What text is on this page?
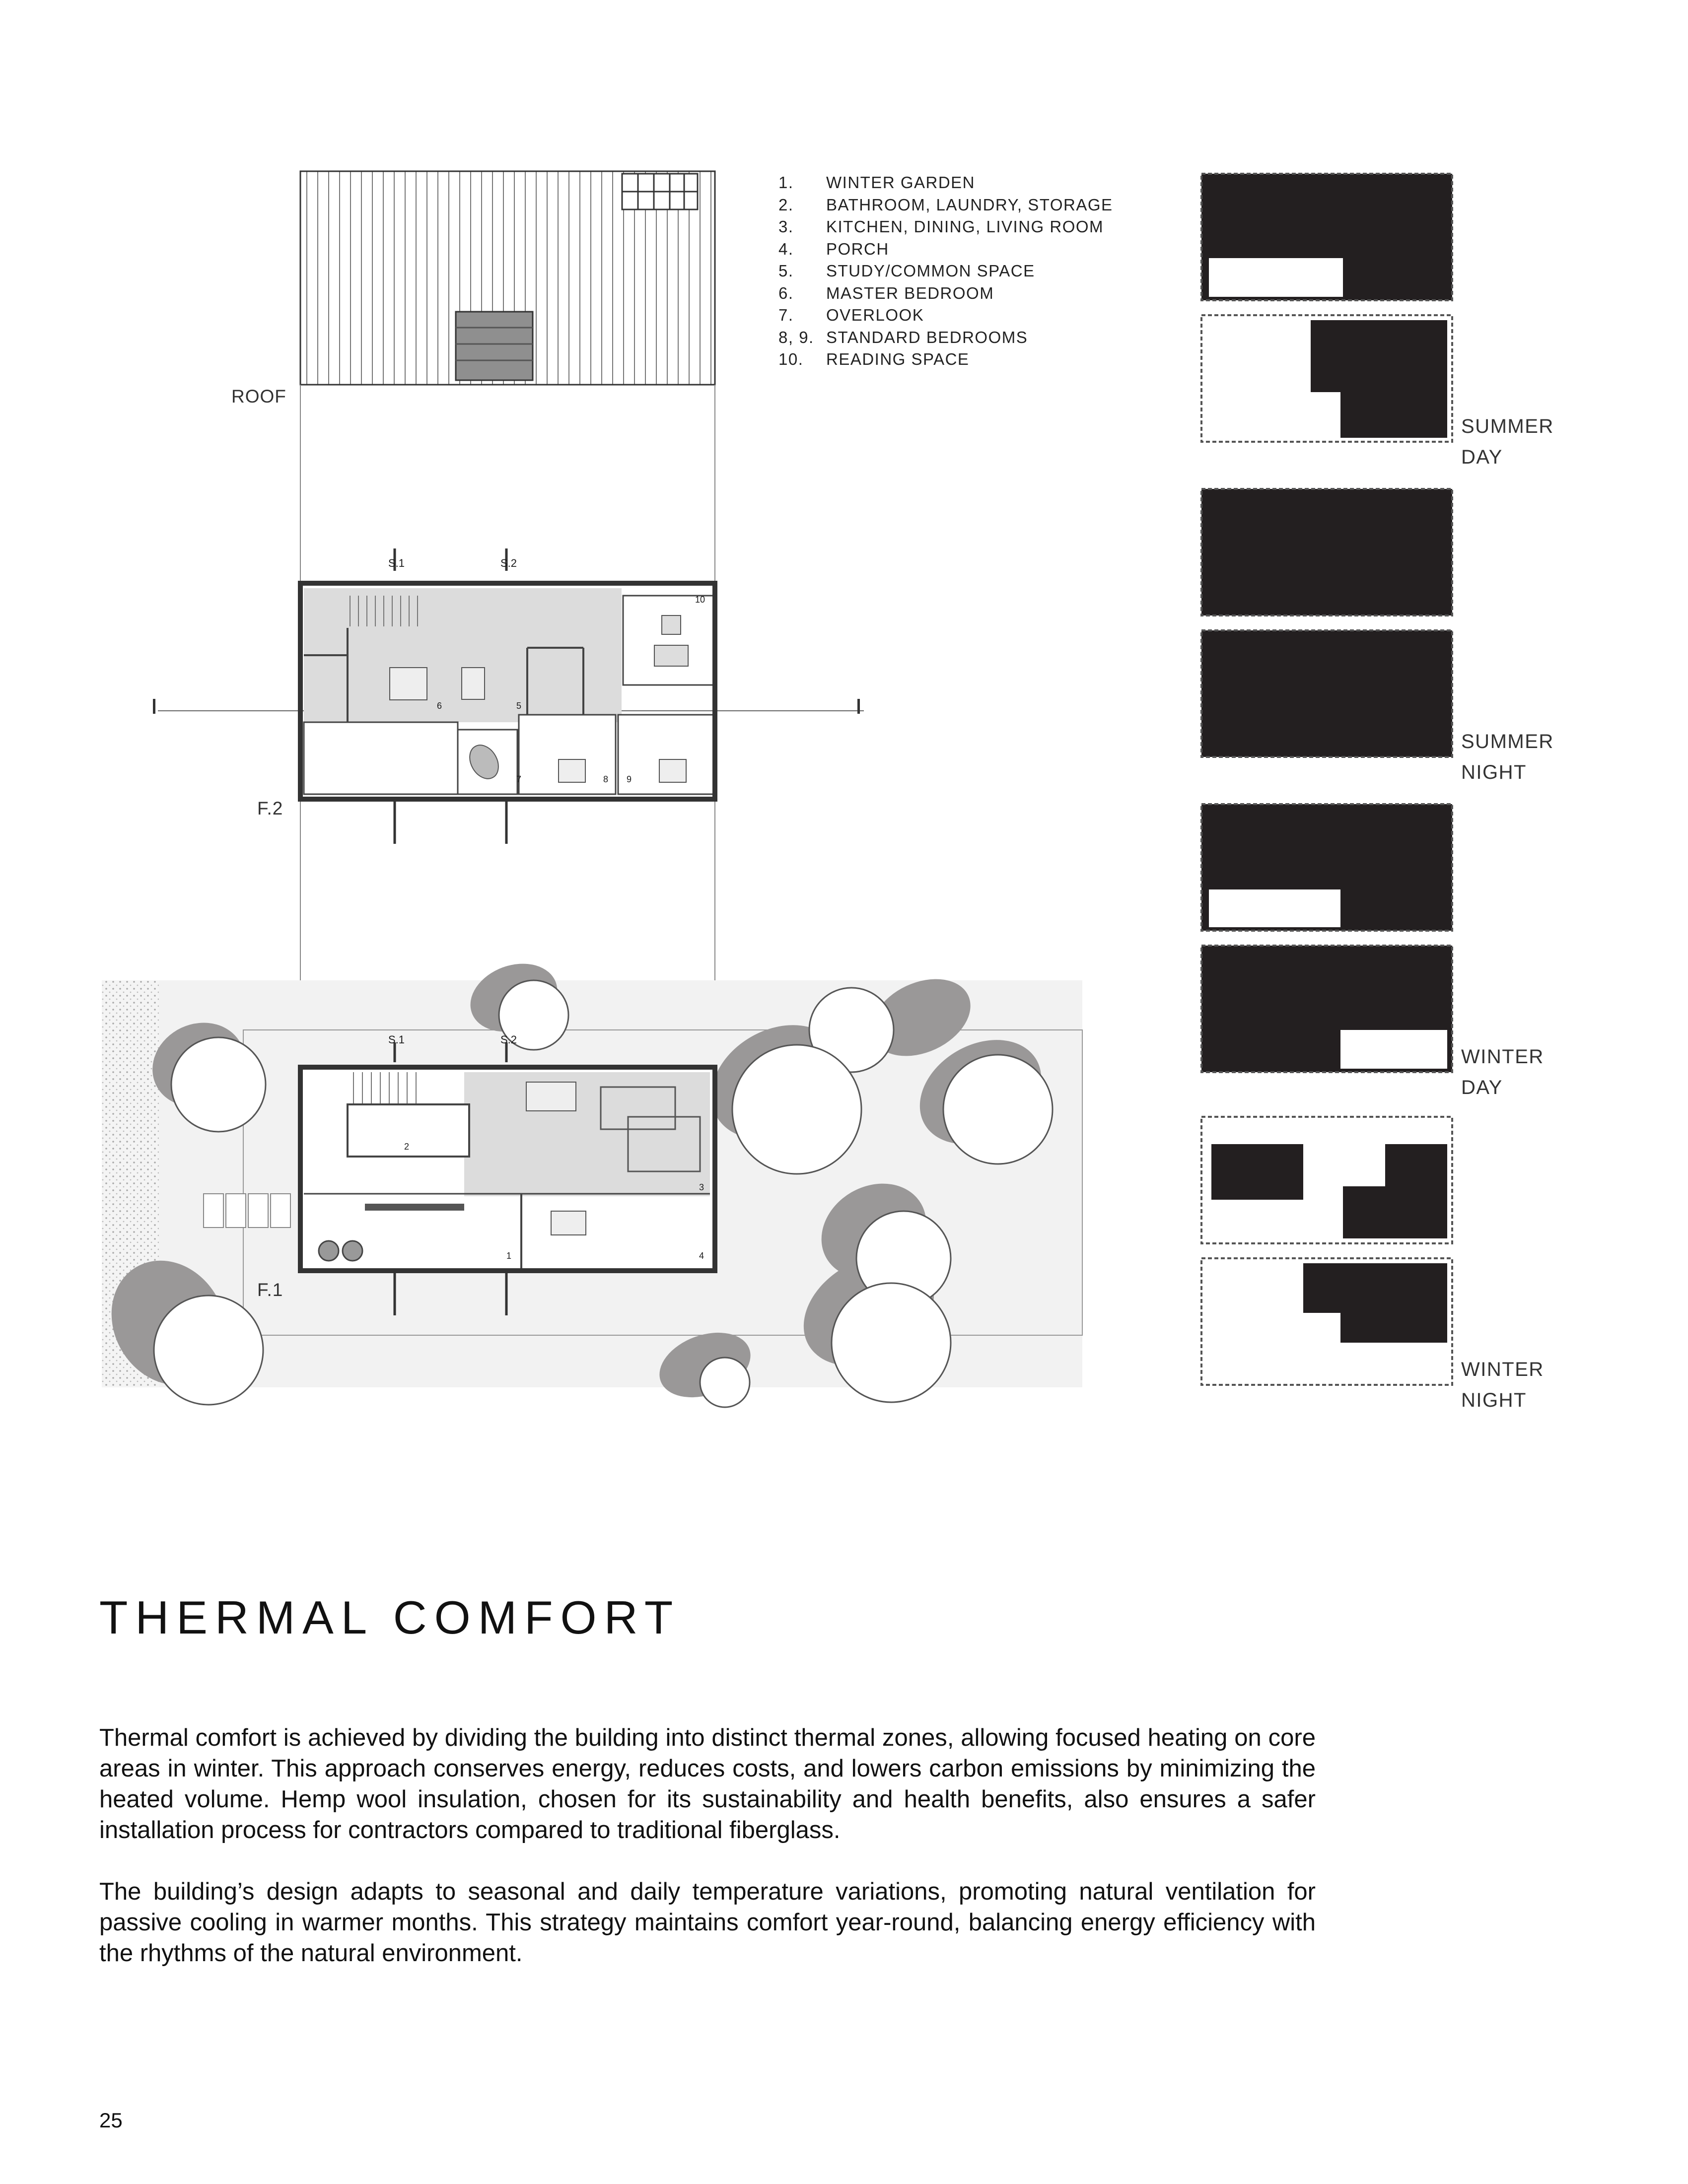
1.	WINTER GARDEN
2.	BATHROOM, LAUNDRY, STORAGE
3.	KITCHEN, DINING, LIVING ROOM
4.	PORCH
5.	STUDY/COMMON SPACE
6.	MASTER BEDROOM
7.	OVERLOOK
8, 9. STANDARD BEDROOMS
10.	READING SPACE
ROOF
F.2
F.1
S.1	S.2
S.1	S.2
1
2
3
4
5
6
7	8 9
10
SUMMER
DAY
SUMMER
NIGHT
WINTER
DAY
WINTER
NIGHT
THERMAL COMFORT
Thermal comfort is achieved by dividing the building into distinct thermal zones, allowing focused heating on core areas in winter. This approach conserves energy, reduces costs, and lowers carbon emissions by minimizing the heated volume. Hemp wool insulation, chosen for its sustainability and health benefits, also ensures a safer installation process for contractors compared to traditional fiberglass.
The building’s design adapts to seasonal and daily temperature variations, promoting natural ventilation for passive cooling in warmer months. This strategy maintains comfort year-round, balancing energy efficiency with the rhythms of the natural environment.
25
